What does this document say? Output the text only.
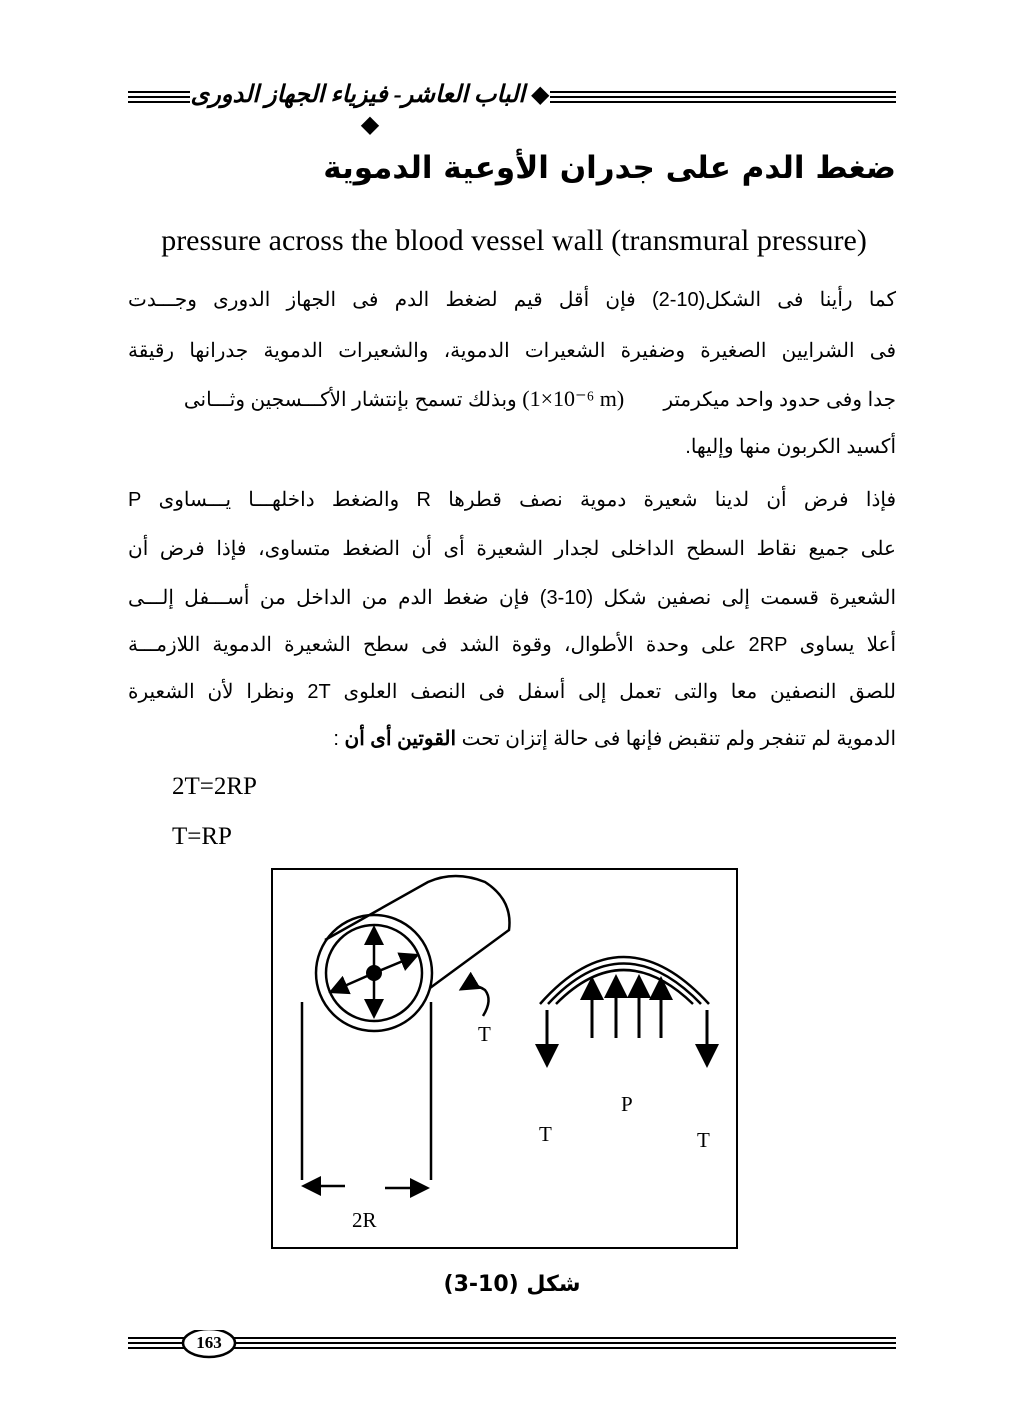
◆ الباب العاشر- فيزياء الجهاز الدورى ◆
ضغط الدم على جدران الأوعية الدموية
pressure across the blood vessel wall (transmural pressure)
كما رأينا فى الشكل(10-2) فإن أقل قيم لضغط الدم فى الجهاز الدورى وجـــدت
فى الشرايين الصغيرة وضفيرة الشعيرات الدموية، والشعيرات الدموية جدرانها رقيقة
جدا وفى حدود واحد ميكرمتر  (1×10⁻⁶ m) وبذلك تسمح بإنتشار الأكـــسجين وثـــانى
أكسيد الكربون منها وإليها.
فإذا فرض أن لدينا شعيرة دموية نصف قطرها R والضغط داخلهـــا يـــساوى P
على جميع نقاط السطح الداخلى لجدار الشعيرة أى أن الضغط متساوى، فإذا فرض أن
الشعيرة قسمت إلى نصفين شكل (10-3) فإن ضغط الدم من الداخل من أســـفل إلـــى
أعلا يساوى 2RP على وحدة الأطوال، وقوة الشد فى سطح الشعيرة الدموية اللازمـــة
للصق النصفين معا والتى تعمل إلى أسفل فى النصف العلوى 2T ونظرا لأن الشعيرة
الدموية لم تنفجر ولم تنقبض فإنها فى حالة إتزان تحت القوتين أى أن :
2T=2RP
T=RP
T
T	T
P
2R
شكل (10-3)
163
